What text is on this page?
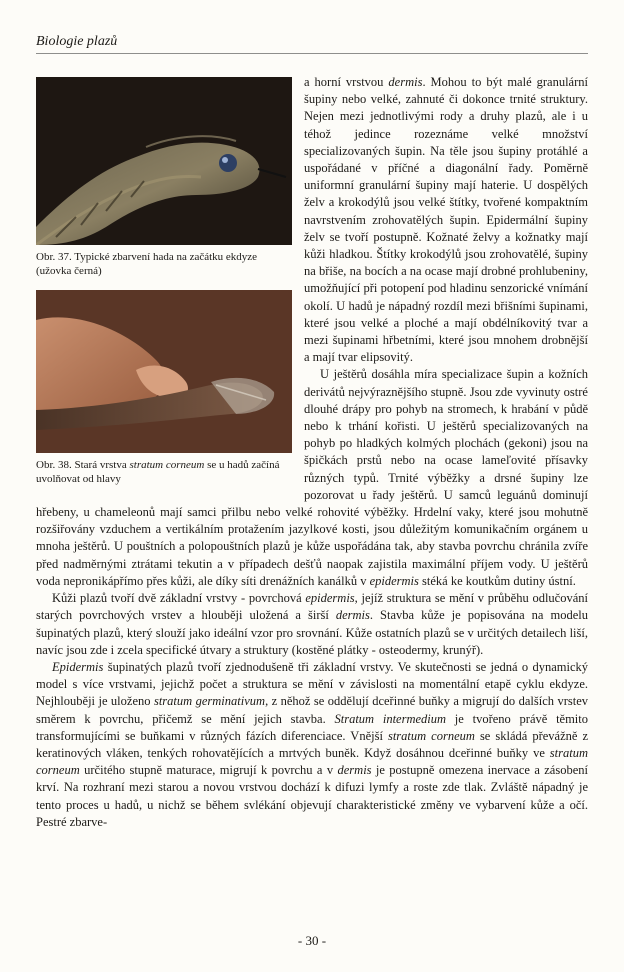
Biologie plazů
Obr. 37. Typické zbarvení hada na začátku ekdyze (užovka černá)
Obr. 38. Stará vrstva stratum corneum se u hadů začíná uvolňovat od hlavy

a horní vrstvou dermis. Mohou to být malé granulární šupiny nebo velké, zahnuté či dokonce trnité struktury. Nejen mezi jednotlivými rody a druhy plazů, ale i u téhož jedince rozeznáme velké množství specializovaných šupin. Na těle jsou šupiny protáhlé a uspořádané v příčné a diagonální řady. Poměrně uniformní granulární šupiny mají haterie. U dospělých želv a krokodýlů jsou velké štítky, tvořené kompaktním navrstvením zrohovatělých šupin. Epidermální šupiny želv se tvoří postupně. Kožnaté želvy a kožnatky mají kůži hladkou. Štítky krokodýlů jsou zrohovatělé, šupiny na břiše, na bocích a na ocase mají drobné prohlubeniny, umožňující při potopení pod hladinu senzorické vnímání okolí. U hadů je nápadný rozdíl mezi břišními šupinami, které jsou velké a ploché a mají obdélníkovitý tvar a mezi šupinami hřbetními, které jsou mnohem drobnější a mají tvar elipsovitý.

U ještěrů dosáhla míra specializace šupin a kožních derivátů nejvýraznějšího stupně. Jsou zde vyvinuty ostré dlouhé drápy pro pohyb na stromech, k hrabání v půdě nebo k trhání kořisti. U ještěrů specializovaných na pohyb po hladkých kolmých plochách (gekoni) jsou na špičkách prstů nebo na ocase lameľovité přísavky různých typů. Trnité výběžky a drsné šupiny lze pozorovat u řady ještěrů. U samců leguánů dominují hřebeny, u chameleonů mají samci přilbu nebo velké rohovité výběžky. Hrdelní vaky, které jsou mohutně rozšiřovány vzduchem a vertikálním protažením jazylkové kosti, jsou důležitým komunikačním orgánem u mnoha ještěrů. U pouštních a polopouštních plazů je kůže uspořádána tak, aby stavba povrchu chránila zvíře před nadměrnými ztrátami tekutin a v případech dešťů naopak zajistila maximální příjem vody. U ještěrů voda nepronikápřímo přes kůži, ale díky síti drenážních kanálků v epidermis stéká ke koutkům dutiny ústní.

Kůži plazů tvoří dvě základní vrstvy - povrchová epidermis, jejíž struktura se mění v průběhu odlučování starých povrchových vrstev a hlouběji uložená a širší dermis. Stavba kůže je popisována na modelu šupinatých plazů, který slouží jako ideální vzor pro srovnání. Kůže ostatních plazů se v určitých detailech liší, navíc jsou zde i zcela specifické útvary a struktury (kostěné plátky - osteodermy, krunýř).

Epidermis šupinatých plazů tvoří zjednodušeně tři základní vrstvy. Ve skutečnosti se jedná o dynamický model s více vrstvami, jejichž počet a struktura se mění v závislosti na momentální etapě cyklu ekdyze. Nejhlouběji je uloženo stratum germinativum, z něhož se oddělují dceřinné buňky a migrují do dalších vrstev směrem k povrchu, přičemž se mění jejich stavba. Stratum intermedium je tvořeno právě těmito transformujícími se buňkami v různých fázích diferenciace. Vnější stratum corneum se skládá převážně z keratinových vláken, tenkých rohovatějících a mrtvých buněk. Když dosáhnou dceřinné buňky ve stratum corneum určitého stupně maturace, migrují k povrchu a v dermis je postupně omezena inervace a zásobení krví. Na rozhraní mezi starou a novou vrstvou dochází k difuzi lymfy a roste zde tlak. Zvláště nápadný je tento proces u hadů, u nichž se během svlékání objevují charakteristické změny ve vybarvení kůže a očí. Pestré zbarve-

- 30 -
